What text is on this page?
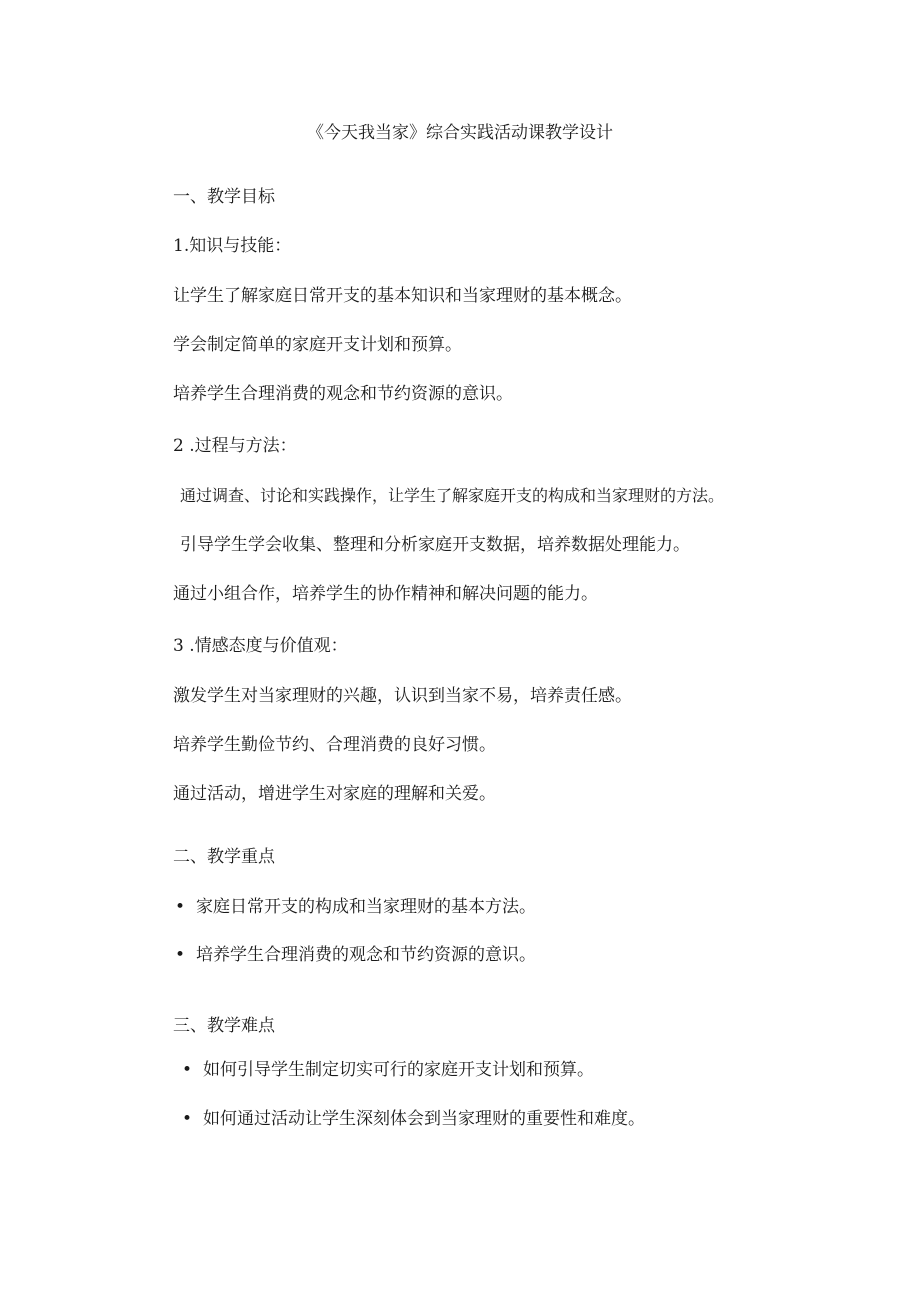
《今天我当家》综合实践活动课教学设计
一、教学目标
1.知识与技能：
让学生了解家庭日常开支的基本知识和当家理财的基本概念。
学会制定简单的家庭开支计划和预算。
培养学生合理消费的观念和节约资源的意识。
2 .过程与方法：
通过调查、讨论和实践操作，让学生了解家庭开支的构成和当家理财的方法。
引导学生学会收集、整理和分析家庭开支数据，培养数据处理能力。
通过小组合作，培养学生的协作精神和解决问题的能力。
3 .情感态度与价值观：
激发学生对当家理财的兴趣，认识到当家不易，培养责任感。
培养学生勤俭节约、合理消费的良好习惯。
通过活动，增进学生对家庭的理解和关爱。
二、教学重点
• 家庭日常开支的构成和当家理财的基本方法。
• 培养学生合理消费的观念和节约资源的意识。
三、教学难点
• 如何引导学生制定切实可行的家庭开支计划和预算。
• 如何通过活动让学生深刻体会到当家理财的重要性和难度。
